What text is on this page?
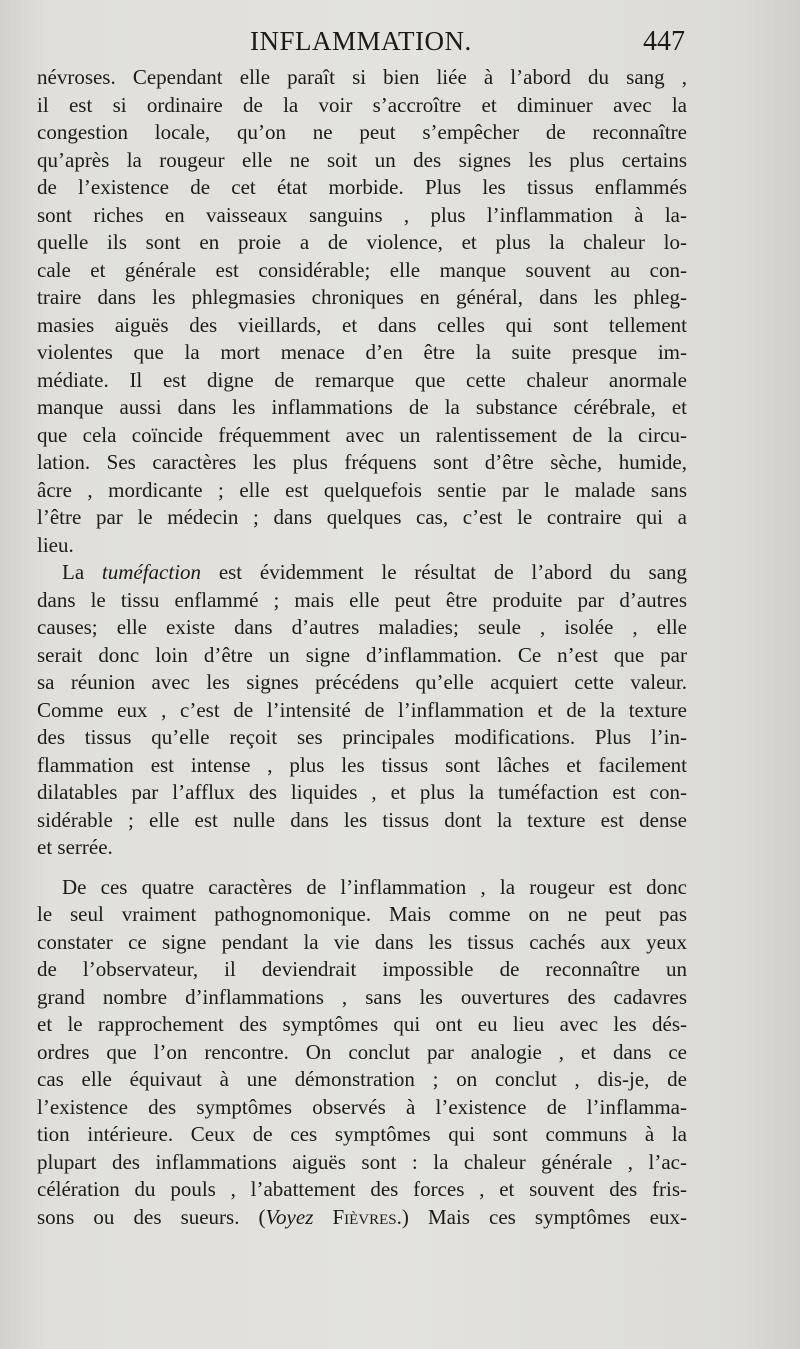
INFLAMMATION.	447
névroses. Cependant elle paraît si bien liée à l’abord du sang ,
il est si ordinaire de la voir s’accroître et diminuer avec la
congestion locale, qu’on ne peut s’empêcher de reconnaître
qu’après la rougeur elle ne soit un des signes les plus certains
de l’existence de cet état morbide. Plus les tissus enflammés
sont riches en vaisseaux sanguins , plus l’inflammation à la-
quelle ils sont en proie a de violence, et plus la chaleur lo-
cale et générale est considérable; elle manque souvent au con-
traire dans les phlegmasies chroniques en général, dans les phleg-
masies aiguës des vieillards, et dans celles qui sont tellement
violentes que la mort menace d’en être la suite presque im-
médiate. Il est digne de remarque que cette chaleur anormale
manque aussi dans les inflammations de la substance cérébrale, et
que cela coïncide fréquemment avec un ralentissement de la circu-
lation. Ses caractères les plus fréquens sont d’être sèche, humide,
âcre , mordicante ; elle est quelquefois sentie par le malade sans
l’être par le médecin ; dans quelques cas, c’est le contraire qui a
lieu.
La tuméfaction est évidemment le résultat de l’abord du sang
dans le tissu enflammé ; mais elle peut être produite par d’autres
causes; elle existe dans d’autres maladies; seule , isolée , elle
serait donc loin d’être un signe d’inflammation. Ce n’est que par
sa réunion avec les signes précédens qu’elle acquiert cette valeur.
Comme eux , c’est de l’intensité de l’inflammation et de la texture
des tissus qu’elle reçoit ses principales modifications. Plus l’in-
flammation est intense , plus les tissus sont lâches et facilement
dilatables par l’afflux des liquides , et plus la tuméfaction est con-
sidérable ; elle est nulle dans les tissus dont la texture est dense
et serrée.
De ces quatre caractères de l’inflammation , la rougeur est donc
le seul vraiment pathognomonique. Mais comme on ne peut pas
constater ce signe pendant la vie dans les tissus cachés aux yeux
de l’observateur, il deviendrait impossible de reconnaître un
grand nombre d’inflammations , sans les ouvertures des cadavres
et le rapprochement des symptômes qui ont eu lieu avec les dés-
ordres que l’on rencontre. On conclut par analogie , et dans ce
cas elle équivaut à une démonstration ; on conclut , dis-je, de
l’existence des symptômes observés à l’existence de l’inflamma-
tion intérieure. Ceux de ces symptômes qui sont communs à la
plupart des inflammations aiguës sont : la chaleur générale , l’ac-
célération du pouls , l’abattement des forces , et souvent des fris-
sons ou des sueurs. (Voyez Fièvres.) Mais ces symptômes eux-
